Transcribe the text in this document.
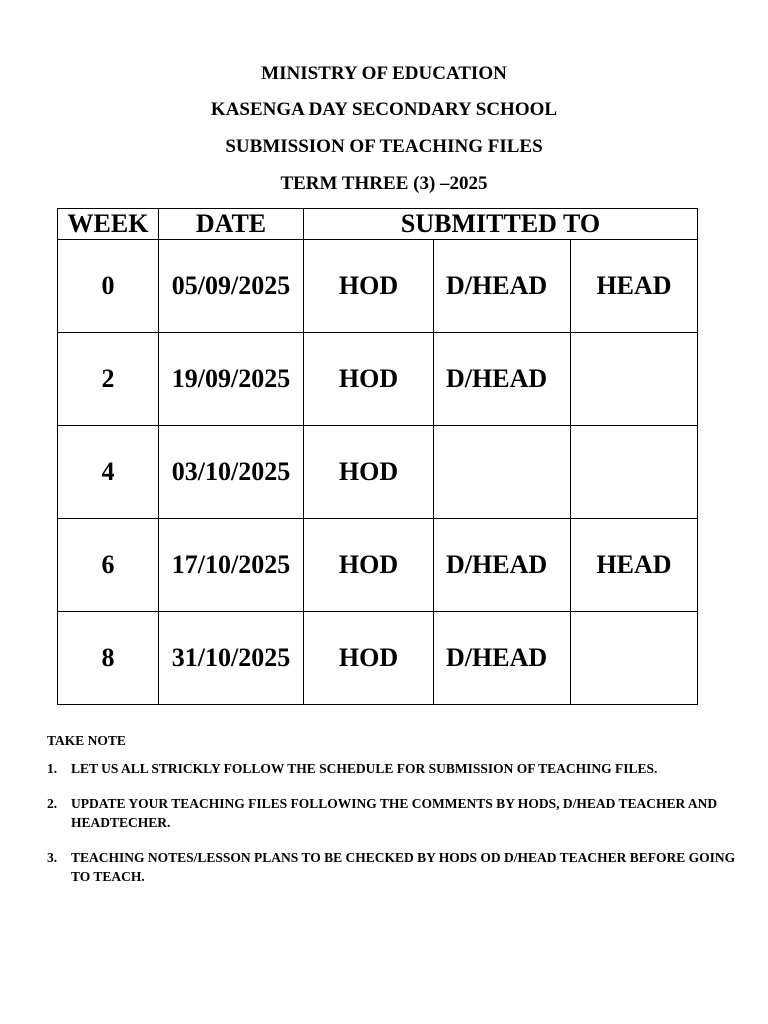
MINISTRY OF EDUCATION
KASENGA DAY SECONDARY SCHOOL
SUBMISSION OF TEACHING FILES
TERM THREE (3) –2025
WEEK	DATE	SUBMITTED TO		
0	05/09/2025	HOD	D/HEAD	HEAD
2	19/09/2025	HOD	D/HEAD	
4	03/10/2025	HOD		
6	17/10/2025	HOD	D/HEAD	HEAD
8	31/10/2025	HOD	D/HEAD	
TAKE NOTE
1. LET US ALL STRICKLY FOLLOW THE SCHEDULE FOR SUBMISSION OF TEACHING FILES.
2. UPDATE YOUR TEACHING FILES FOLLOWING THE COMMENTS BY HODS, D/HEAD TEACHER AND HEADTECHER.
3. TEACHING NOTES/LESSON PLANS TO BE CHECKED BY HODS OD D/HEAD TEACHER BEFORE GOING TO TEACH.
